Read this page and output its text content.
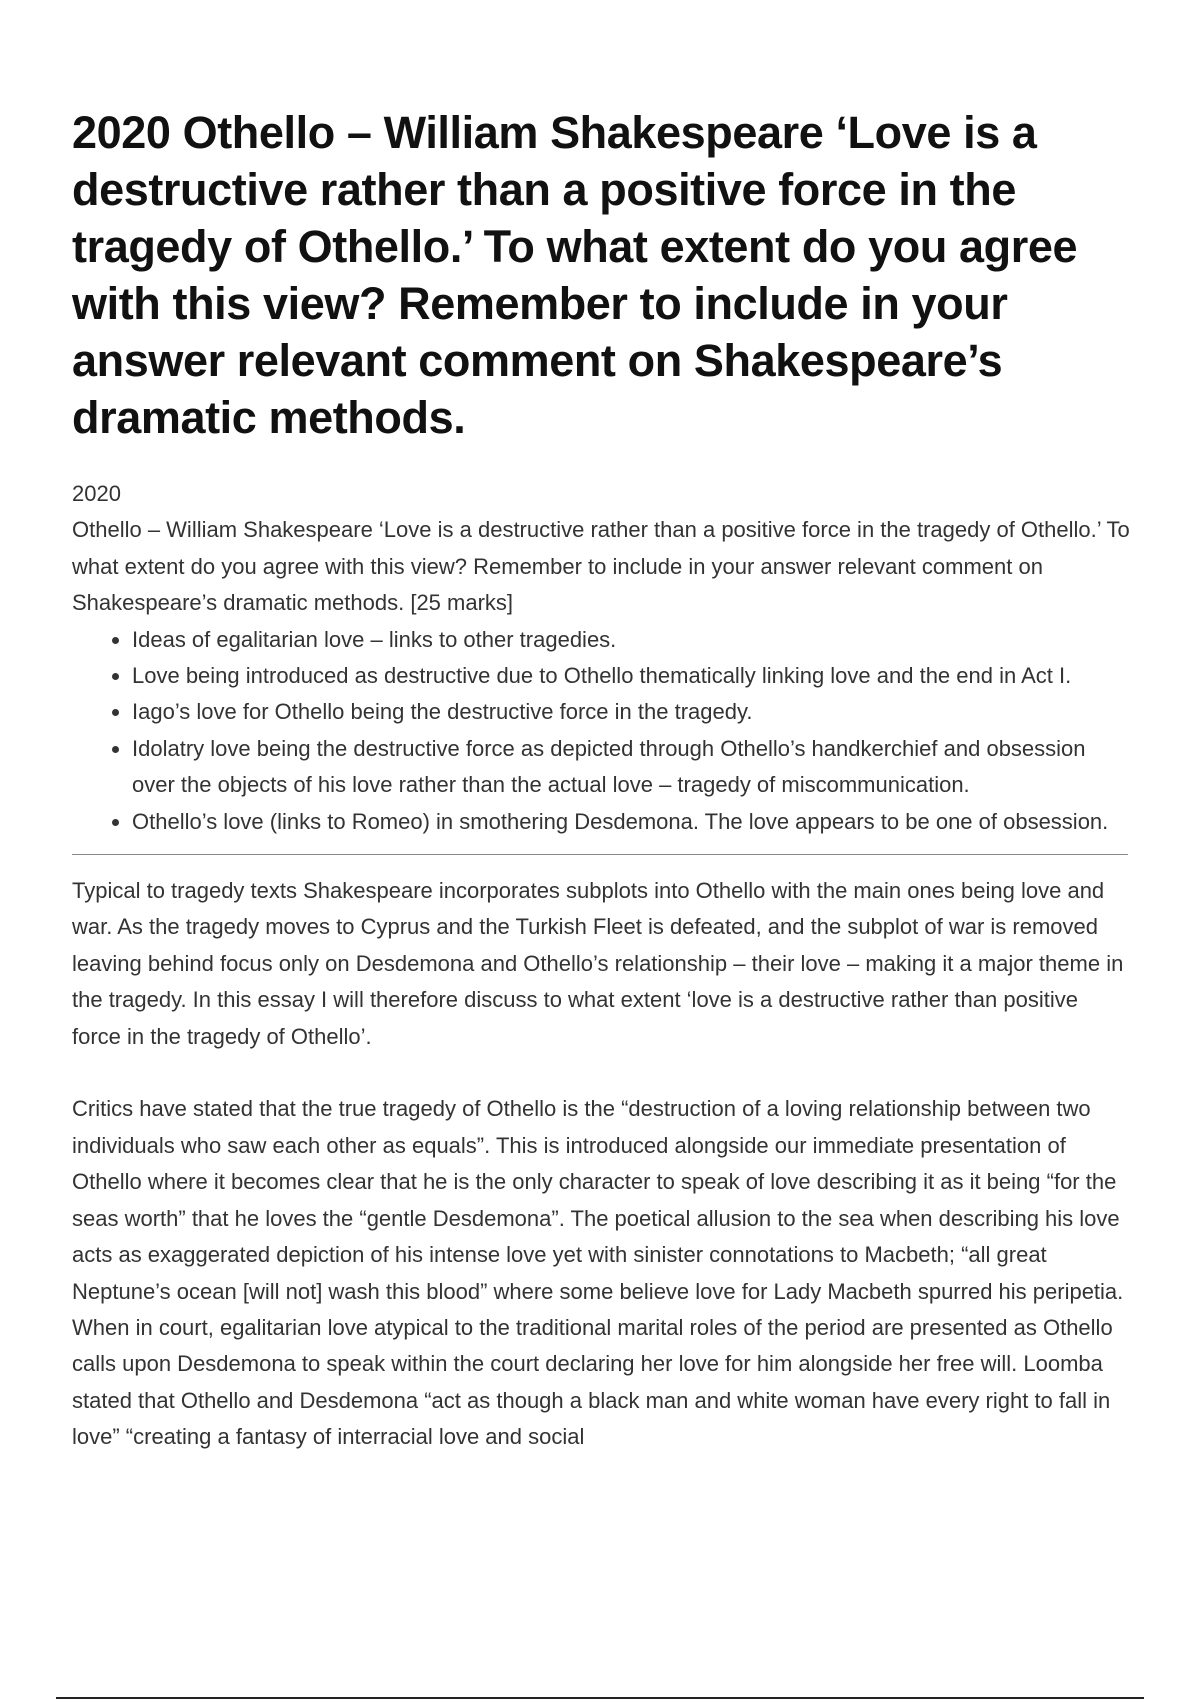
2020 Othello – William Shakespeare ‘Love is a destructive rather than a positive force in the tragedy of Othello.’ To what extent do you agree with this view? Remember to include in your answer relevant comment on Shakespeare’s dramatic methods.
2020

Othello – William Shakespeare ‘Love is a destructive rather than a positive force in the tragedy of Othello.’ To what extent do you agree with this view? Remember to include in your answer relevant comment on Shakespeare’s dramatic methods. [25 marks]

• Ideas of egalitarian love – links to other tragedies.
• Love being introduced as destructive due to Othello thematically linking love and the end in Act I.
• Iago’s love for Othello being the destructive force in the tragedy.
• Idolatry love being the destructive force as depicted through Othello’s handkerchief and obsession over the objects of his love rather than the actual love – tragedy of miscommunication.
• Othello’s love (links to Romeo) in smothering Desdemona. The love appears to be one of obsession.

Typical to tragedy texts Shakespeare incorporates subplots into Othello with the main ones being love and war. As the tragedy moves to Cyprus and the Turkish Fleet is defeated, and the subplot of war is removed leaving behind focus only on Desdemona and Othello’s relationship – their love – making it a major theme in the tragedy. In this essay I will therefore discuss to what extent ‘love is a destructive rather than positive force in the tragedy of Othello’.

Critics have stated that the true tragedy of Othello is the “destruction of a loving relationship between two individuals who saw each other as equals”. This is introduced alongside our immediate presentation of Othello where it becomes clear that he is the only character to speak of love describing it as it being “for the seas worth” that he loves the “gentle Desdemona”. The poetical allusion to the sea when describing his love acts as exaggerated depiction of his intense love yet with sinister connotations to Macbeth; “all great Neptune’s ocean [will not] wash this blood” where some believe love for Lady Macbeth spurred his peripetia. When in court, egalitarian love atypical to the traditional marital roles of the period are presented as Othello calls upon Desdemona to speak within the court declaring her love for him alongside her free will. Loomba stated that Othello and Desdemona “act as though a black man and white woman have every right to fall in love” “creating a fantasy of interracial love and social
